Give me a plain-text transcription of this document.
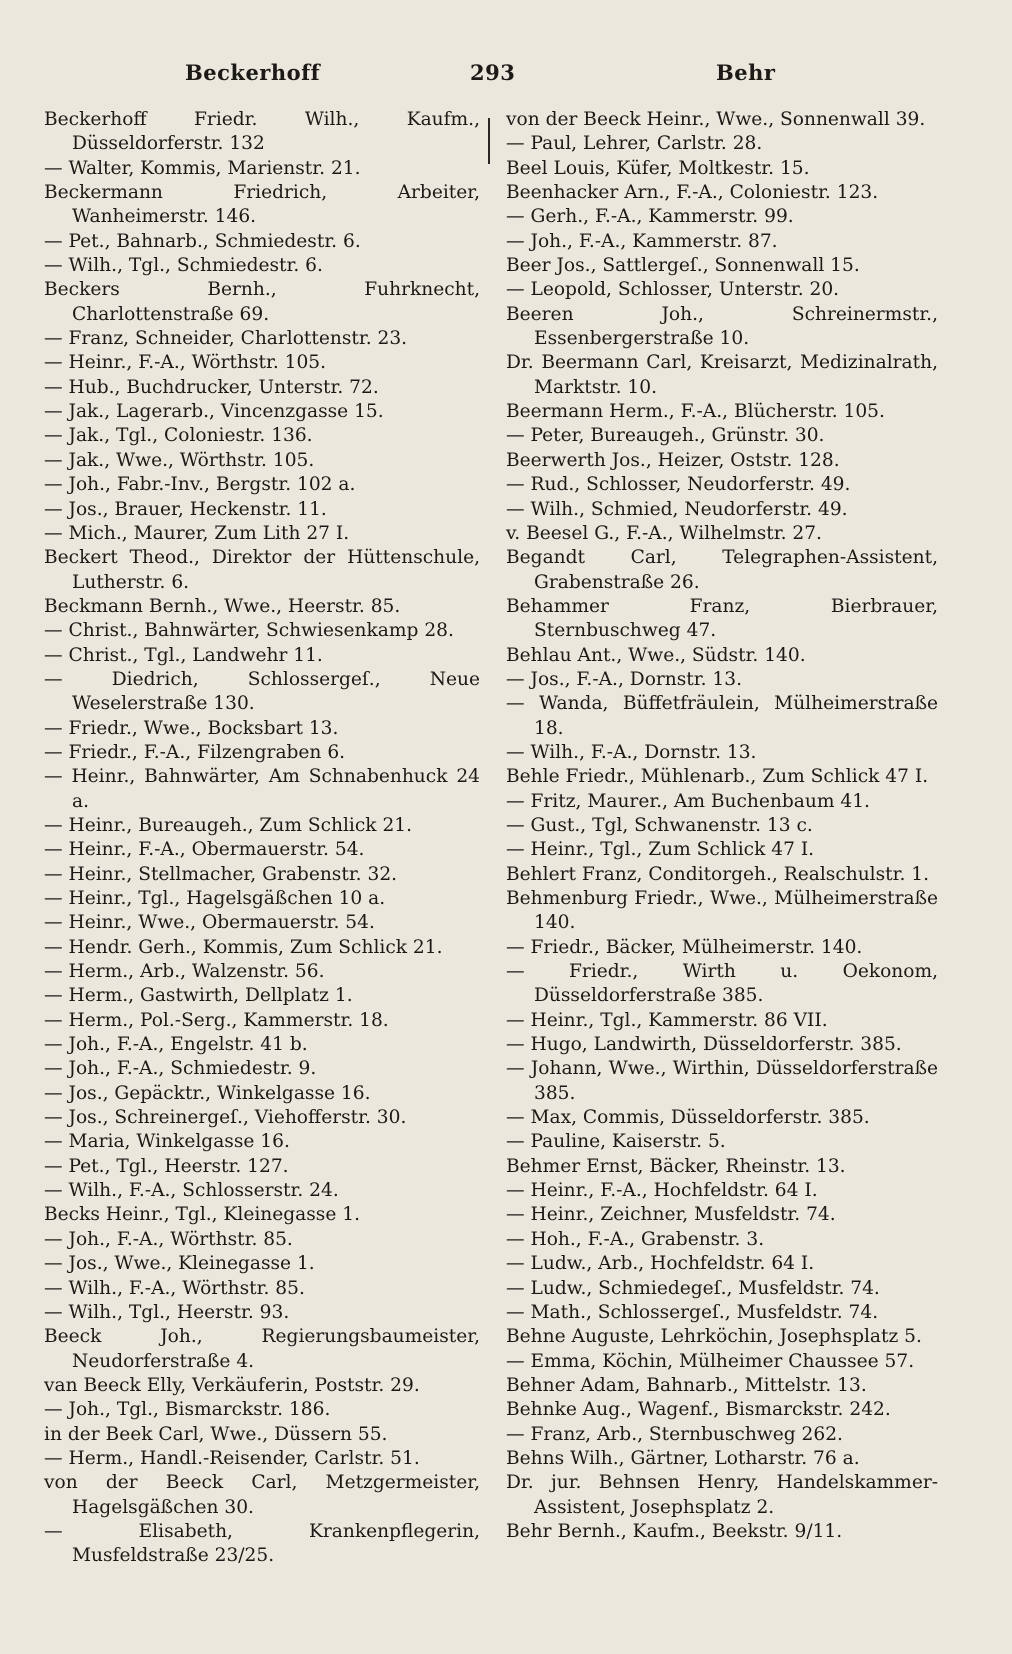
Beckerhoff	293	Behr

Beckerhoff Friedr. Wilh., Kaufm., Düsseldorferstr. 132

— Walter, Kommis, Marienstr. 21.

Beckermann Friedrich, Arbeiter, Wanheimerstr. 146.

— Pet., Bahnarb., Schmiedestr. 6.

— Wilh., Tgl., Schmiedestr. 6.

Beckers Bernh., Fuhrknecht, Charlottenstraße 69.

— Franz, Schneider, Charlottenstr. 23.

— Heinr., F.-A., Wörthstr. 105.

— Hub., Buchdrucker, Unterstr. 72.

— Jak., Lagerarb., Vincenzgasse 15.

— Jak., Tgl., Coloniestr. 136.

— Jak., Wwe., Wörthstr. 105.

— Joh., Fabr.-Inv., Bergstr. 102 a.

— Jos., Brauer, Heckenstr. 11.

— Mich., Maurer, Zum Lith 27 I.

Beckert Theod., Direktor der Hüttenschule, Lutherstr. 6.

Beckmann Bernh., Wwe., Heerstr. 85.

— Christ., Bahnwärter, Schwiesenkamp 28.

— Christ., Tgl., Landwehr 11.

— Diedrich, Schlossergeſ., Neue Weselerstraße 130.

— Friedr., Wwe., Bocksbart 13.

— Friedr., F.-A., Filzengraben 6.

— Heinr., Bahnwärter, Am Schnabenhuck 24 a.

— Heinr., Bureaugeh., Zum Schlick 21.

— Heinr., F.-A., Obermauerstr. 54.

— Heinr., Stellmacher, Grabenstr. 32.

— Heinr., Tgl., Hagelsgäßchen 10 a.

— Heinr., Wwe., Obermauerstr. 54.

— Hendr. Gerh., Kommis, Zum Schlick 21.

— Herm., Arb., Walzenstr. 56.

— Herm., Gastwirth, Dellplatz 1.

— Herm., Pol.-Serg., Kammerstr. 18.

— Joh., F.-A., Engelstr. 41 b.

— Joh., F.-A., Schmiedestr. 9.

— Jos., Gepäcktr., Winkelgasse 16.

— Jos., Schreinergeſ., Viehofferstr. 30.

— Maria, Winkelgasse 16.

— Pet., Tgl., Heerstr. 127.

— Wilh., F.-A., Schlosserstr. 24.

Becks Heinr., Tgl., Kleinegasse 1.

— Joh., F.-A., Wörthstr. 85.

— Jos., Wwe., Kleinegasse 1.

— Wilh., F.-A., Wörthstr. 85.

— Wilh., Tgl., Heerstr. 93.

Beeck Joh., Regierungsbaumeister, Neudorferstraße 4.

van Beeck Elly, Verkäuferin, Poststr. 29.

— Joh., Tgl., Bismarckstr. 186.

in der Beek Carl, Wwe., Düssern 55.

— Herm., Handl.-Reisender, Carlstr. 51.

von der Beeck Carl, Metzgermeister, Hagelsgäßchen 30.

— Elisabeth, Krankenpflegerin, Musfeldstraße 23/25.

von der Beeck Heinr., Wwe., Sonnenwall 39.

— Paul, Lehrer, Carlstr. 28.

Beel Louis, Küfer, Moltkestr. 15.

Beenhacker Arn., F.-A., Coloniestr. 123.

— Gerh., F.-A., Kammerstr. 99.

— Joh., F.-A., Kammerstr. 87.

Beer Jos., Sattlergeſ., Sonnenwall 15.

— Leopold, Schlosser, Unterstr. 20.

Beeren Joh., Schreinermstr., Essenbergerstraße 10.

Dr. Beermann Carl, Kreisarzt, Medizinalrath, Marktstr. 10.

Beermann Herm., F.-A., Blücherstr. 105.

— Peter, Bureaugeh., Grünstr. 30.

Beerwerth Jos., Heizer, Oststr. 128.

— Rud., Schlosser, Neudorferstr. 49.

— Wilh., Schmied, Neudorferstr. 49.

v. Beesel G., F.-A., Wilhelmstr. 27.

Begandt Carl, Telegraphen-Assistent, Grabenstraße 26.

Behammer Franz, Bierbrauer, Sternbuschweg 47.

Behlau Ant., Wwe., Südstr. 140.

— Jos., F.-A., Dornstr. 13.

— Wanda, Büffetfräulein, Mülheimerstraße 18.

— Wilh., F.-A., Dornstr. 13.

Behle Friedr., Mühlenarb., Zum Schlick 47 I.

— Fritz, Maurer., Am Buchenbaum 41.

— Gust., Tgl, Schwanenstr. 13 c.

— Heinr., Tgl., Zum Schlick 47 I.

Behlert Franz, Conditorgeh., Realschulstr. 1.

Behmenburg Friedr., Wwe., Mülheimerstraße 140.

— Friedr., Bäcker, Mülheimerstr. 140.

— Friedr., Wirth u. Oekonom, Düsseldorferstraße 385.

— Heinr., Tgl., Kammerstr. 86 VII.

— Hugo, Landwirth, Düsseldorferstr. 385.

— Johann, Wwe., Wirthin, Düsseldorferstraße 385.

— Max, Commis, Düsseldorferstr. 385.

— Pauline, Kaiserstr. 5.

Behmer Ernst, Bäcker, Rheinstr. 13.

— Heinr., F.-A., Hochfeldstr. 64 I.

— Heinr., Zeichner, Musfeldstr. 74.

— Hoh., F.-A., Grabenstr. 3.

— Ludw., Arb., Hochfeldstr. 64 I.

— Ludw., Schmiedegeſ., Musfeldstr. 74.

— Math., Schlossergeſ., Musfeldstr. 74.

Behne Auguste, Lehrköchin, Josephsplatz 5.

— Emma, Köchin, Mülheimer Chaussee 57.

Behner Adam, Bahnarb., Mittelstr. 13.

Behnke Aug., Wagenf., Bismarckstr. 242.

— Franz, Arb., Sternbuschweg 262.

Behns Wilh., Gärtner, Lotharstr. 76 a.

Dr. jur. Behnsen Henry, Handelskammer-Assistent, Josephsplatz 2.

Behr Bernh., Kaufm., Beekstr. 9/11.
